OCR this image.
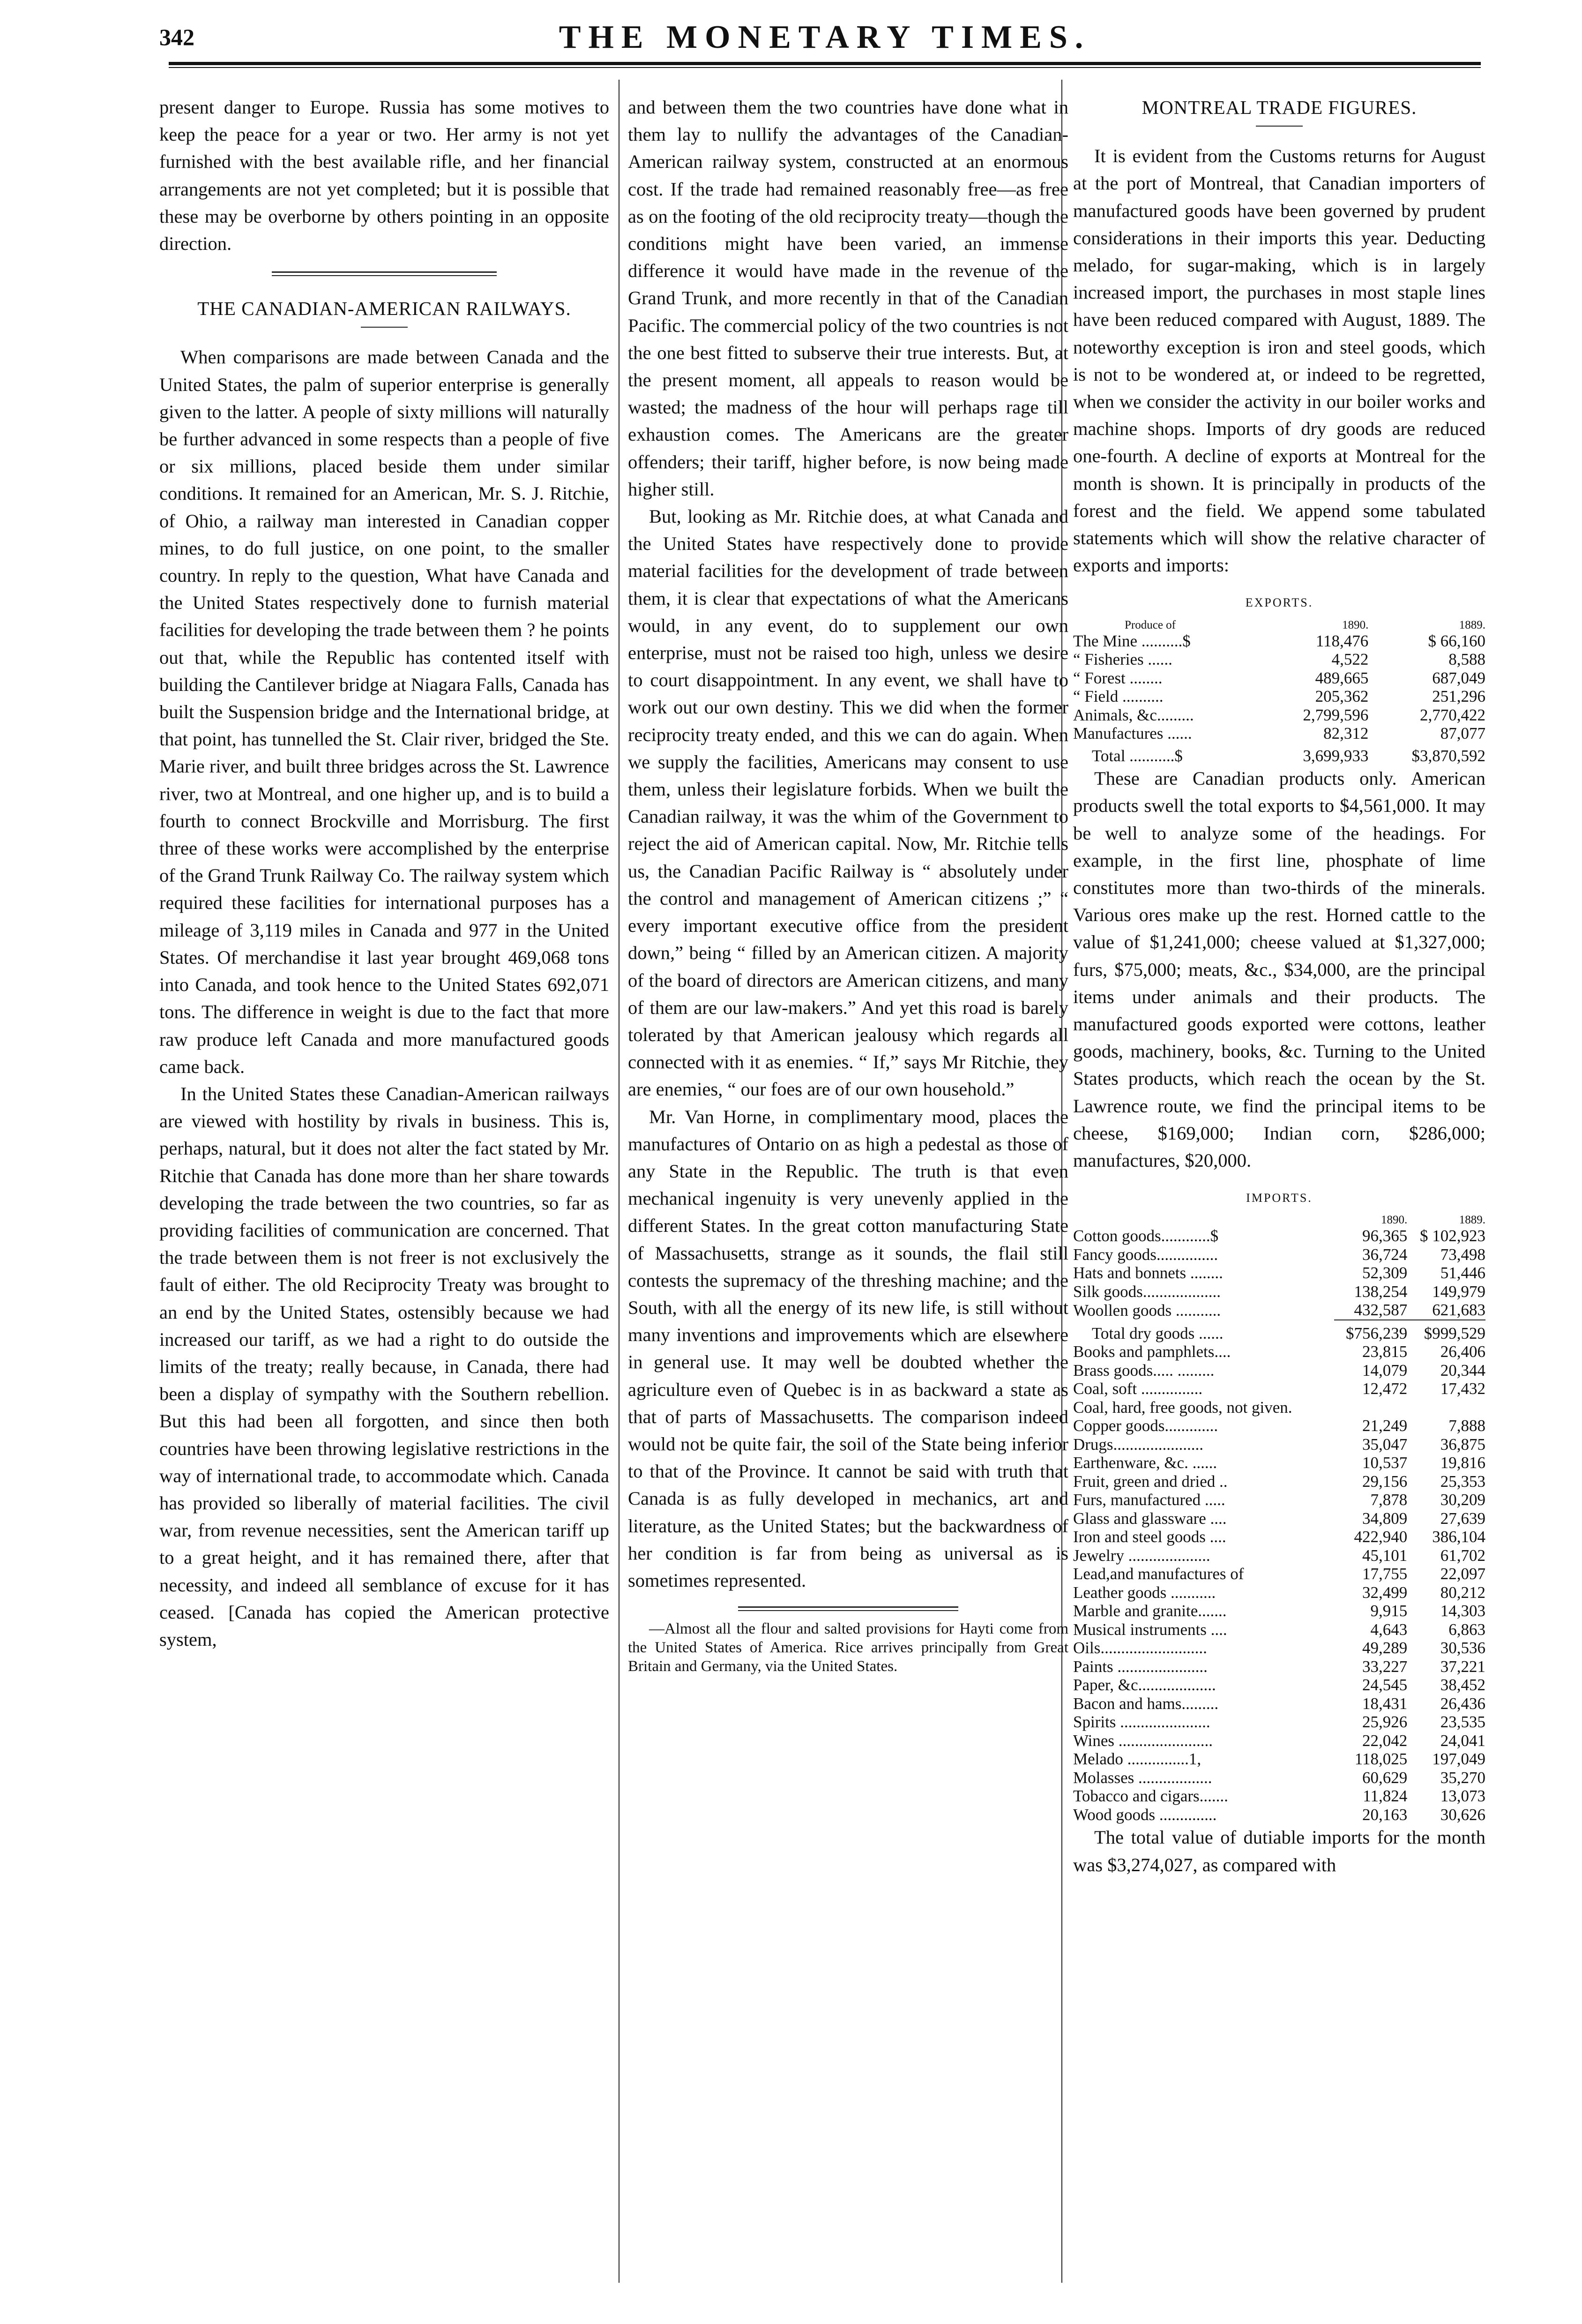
342	THE MONETARY TIMES.

present danger to Europe. Russia has some motives to keep the peace for a year or two. Her army is not yet furnished with the best available rifle, and her financial arrangements are not yet completed; but it is possible that these may be overborne by others pointing in an opposite direction.

THE CANADIAN-AMERICAN RAILWAYS.

When comparisons are made between Canada and the United States, the palm of superior enterprise is generally given to the latter. A people of sixty millions will naturally be further advanced in some respects than a people of five or six millions, placed beside them under similar conditions. It remained for an American, Mr. S. J. Ritchie, of Ohio, a railway man interested in Canadian copper mines, to do full justice, on one point, to the smaller country. In reply to the question, What have Canada and the United States respectively done to furnish material facilities for developing the trade between them ? he points out that, while the Republic has contented itself with building the Cantilever bridge at Niagara Falls, Canada has built the Suspension bridge and the International bridge, at that point, has tunnelled the St. Clair river, bridged the Ste. Marie river, and built three bridges across the St. Lawrence river, two at Montreal, and one higher up, and is to build a fourth to connect Brockville and Morrisburg. The first three of these works were accomplished by the enterprise of the Grand Trunk Railway Co. The railway system which required these facilities for international purposes has a mileage of 3,119 miles in Canada and 977 in the United States. Of merchandise it last year brought 469,068 tons into Canada, and took hence to the United States 692,071 tons. The difference in weight is due to the fact that more raw produce left Canada and more manufactured goods came back.

In the United States these Canadian-American railways are viewed with hostility by rivals in business. This is, perhaps, natural, but it does not alter the fact stated by Mr. Ritchie that Canada has done more than her share towards developing the trade between the two countries, so far as providing facilities of communication are concerned. That the trade between them is not freer is not exclusively the fault of either. The old Reciprocity Treaty was brought to an end by the United States, ostensibly because we had increased our tariff, as we had a right to do outside the limits of the treaty; really because, in Canada, there had been a display of sympathy with the Southern rebellion. But this had been all forgotten, and since then both countries have been throwing legislative restrictions in the way of international trade, to accommodate which. Canada has provided so liberally of material facilities. The civil war, from revenue necessities, sent the American tariff up to a great height, and it has remained there, after that necessity, and indeed all semblance of excuse for it has ceased. [Canada has copied the American protective system,

and between them the two countries have done what in them lay to nullify the advantages of the Canadian-American railway system, constructed at an enormous cost. If the trade had remained reasonably free—as free as on the footing of the old reciprocity treaty—though the conditions might have been varied, an immense difference it would have made in the revenue of the Grand Trunk, and more recently in that of the Canadian Pacific. The commercial policy of the two countries is not the one best fitted to subserve their true interests. But, at the present moment, all appeals to reason would be wasted; the madness of the hour will perhaps rage till exhaustion comes. The Americans are the greater offenders; their tariff, higher before, is now being made higher still.

But, looking as Mr. Ritchie does, at what Canada and the United States have respectively done to provide material facilities for the development of trade between them, it is clear that expectations of what the Americans would, in any event, do to supplement our own enterprise, must not be raised too high, unless we desire to court disappointment. In any event, we shall have to work out our own destiny. This we did when the former reciprocity treaty ended, and this we can do again. When we supply the facilities, Americans may consent to use them, unless their legislature forbids. When we built the Canadian railway, it was the whim of the Government to reject the aid of American capital. Now, Mr. Ritchie tells us, the Canadian Pacific Railway is “ absolutely under the control and management of American citizens ;” “ every important executive office from the president down,” being “ filled by an American citizen. A majority of the board of directors are American citizens, and many of them are our law-makers.” And yet this road is barely tolerated by that American jealousy which regards all connected with it as enemies. “ If,” says Mr Ritchie, they are enemies, “ our foes are of our own household.”

Mr. Van Horne, in complimentary mood, places the manufactures of Ontario on as high a pedestal as those of any State in the Republic. The truth is that even mechanical ingenuity is very unevenly applied in the different States. In the great cotton manufacturing State of Massachusetts, strange as it sounds, the flail still contests the supremacy of the threshing machine; and the South, with all the energy of its new life, is still without many inventions and improvements which are elsewhere in general use. It may well be doubted whether the agriculture even of Quebec is in as backward a state as that of parts of Massachusetts. The comparison indeed would not be quite fair, the soil of the State being inferior to that of the Province. It cannot be said with truth that Canada is as fully developed in mechanics, art and literature, as the United States; but the backwardness of her condition is far from being as universal as is sometimes represented.

—Almost all the flour and salted provisions for Hayti come from the United States of America. Rice arrives principally from Great Britain and Germany, via the United States.

MONTREAL TRADE FIGURES.

It is evident from the Customs returns for August at the port of Montreal, that Canadian importers of manufactured goods have been governed by prudent considerations in their imports this year. Deducting melado, for sugar-making, which is in largely increased import, the purchases in most staple lines have been reduced compared with August, 1889. The noteworthy exception is iron and steel goods, which is not to be wondered at, or indeed to be regretted, when we consider the activity in our boiler works and machine shops. Imports of dry goods are reduced one-fourth. A decline of exports at Montreal for the month is shown. It is principally in products of the forest and the field. We append some tabulated statements which will show the relative character of exports and imports:

EXPORTS.
Produce of	1890.	1889.
The Mine ..........$	118,476	$ 66,160
“ Fisheries ......	4,522	8,588
“ Forest ........	489,665	687,049
“ Field ..........	205,362	251,296
Animals, &c.........	2,799,596	2,770,422
Manufactures ......	82,312	87,077
Total ...........$	3,699,933	$3,870,592

These are Canadian products only. American products swell the total exports to $4,561,000. It may be well to analyze some of the headings. For example, in the first line, phosphate of lime constitutes more than two-thirds of the minerals. Various ores make up the rest. Horned cattle to the value of $1,241,000; cheese valued at $1,327,000; furs, $75,000; meats, &c., $34,000, are the principal items under animals and their products. The manufactured goods exported were cottons, leather goods, machinery, books, &c. Turning to the United States products, which reach the ocean by the St. Lawrence route, we find the principal items to be cheese, $169,000; Indian corn, $286,000; manufactures, $20,000.

IMPORTS.
	1890.	1889.
Cotton goods............$	96,365	$ 102,923
Fancy goods...............	36,724	73,498
Hats and bonnets ........	52,309	51,446
Silk goods...................	138,254	149,979
Woollen goods ...........	432,587	621,683
Total dry goods ......	$756,239	$999,529
Books and pamphlets....	23,815	26,406
Brass goods..... .........	14,079	20,344
Coal, soft ...............	12,472	17,432
Coal, hard, free goods, not given.		
Copper goods.............	21,249	7,888
Drugs......................	35,047	36,875
Earthenware, &c. ......	10,537	19,816
Fruit, green and dried ..	29,156	25,353
Furs, manufactured .....	7,878	30,209
Glass and glassware ....	34,809	27,639
Iron and steel goods ....	422,940	386,104
Jewelry ....................	45,101	61,702
Lead,and manufactures of	17,755	22,097
Leather goods ...........	32,499	80,212
Marble and granite.......	9,915	14,303
Musical instruments ....	4,643	6,863
Oils..........................	49,289	30,536
Paints ......................	33,227	37,221
Paper, &c...................	24,545	38,452
Bacon and hams.........	18,431	26,436
Spirits ......................	25,926	23,535
Wines .......................	22,042	24,041
Melado ...............1,	118,025	197,049
Molasses ..................	60,629	35,270
Tobacco and cigars.......	11,824	13,073
Wood goods ..............	20,163	30,626

The total value of dutiable imports for the month was $3,274,027, as compared with
